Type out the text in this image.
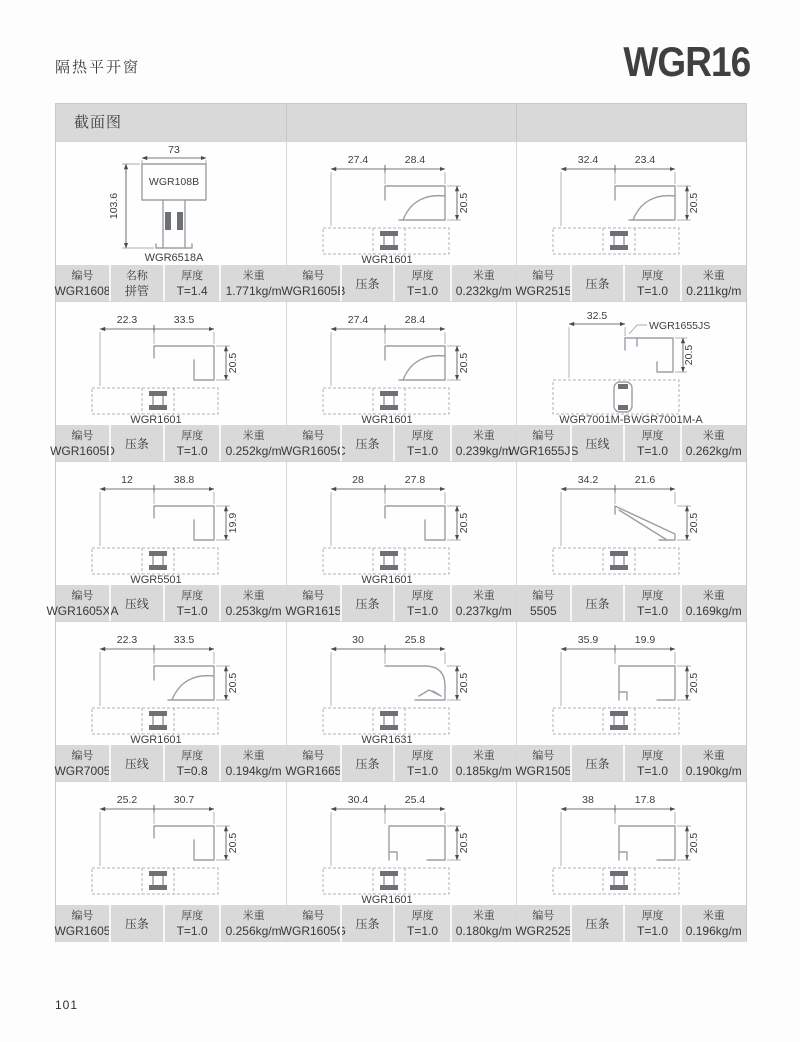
隔热平开窗	WGR16
截面图
73
WGR108B
103.6
WGR6518A
编号
WGR1608
名称
拼管
厚度
T=1.4
米重
1.771kg/m
27.4	28.4
20.5
WGR1601
编号
WGR1605B 压条
厚度
T=1.0
米重
0.232kg/m
32.4	23.4
20.5
编号
WGR2515 压条
厚度
T=1.0
米重
0.211kg/m
22.3	33.5
20.5
WGR1601
编号
WGR1605D 压条
厚度
T=1.0
米重
0.252kg/m
27.4	28.4
20.5
WGR1601
编号
WGR1605C 压条
厚度
T=1.0
米重
0.239kg/m
32.5
WGR1655JS
20.5
WGR7001M-B WGR7001M-A
编号
WGR1655JS 压线
厚度
T=1.0
米重
0.262kg/m
12	38.8
19.9
WGR5501
编号
WGR1605XA 压线
厚度
T=1.0
米重
0.253kg/m
28	27.8
20.5
WGR1601
编号
WGR1615 压条
厚度
T=1.0
米重
0.237kg/m
34.2	21.6
20.5
编号
5505 压条
厚度
T=1.0
米重
0.169kg/m
22.3	33.5
20.5
WGR1601
编号
WGR7005 压线
厚度
T=0.8
米重
0.194kg/m
30	25.8
20.5
WGR1631
编号
WGR1665 压条
厚度
T=1.0
米重
0.185kg/m
35.9	19.9
20.5
编号
WGR1505 压条
厚度
T=1.0
米重
0.190kg/m
25.2	30.7
20.5
编号
WGR1605 压条
厚度
T=1.0
米重
0.256kg/m
30.4	25.4
20.5
WGR1601
编号
WGR1605G 压条
厚度
T=1.0
米重
0.180kg/m
38	17.8
20.5
编号
WGR2525 压条
厚度
T=1.0
米重
0.196kg/m
101
